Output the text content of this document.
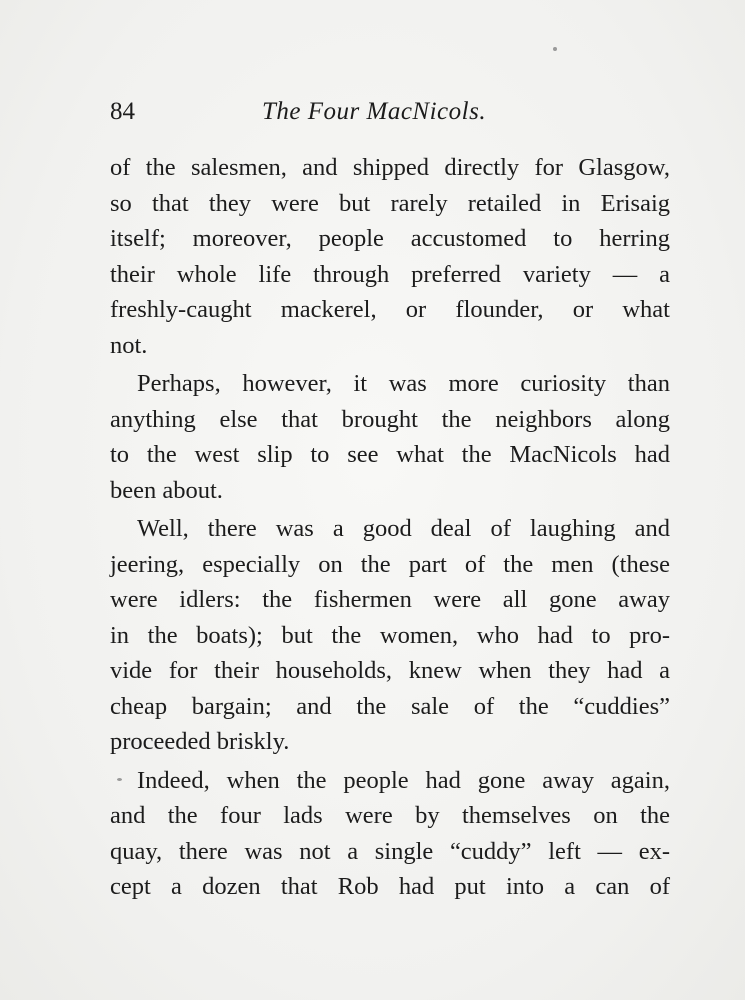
84	The Four MacNicols.
of the salesmen, and shipped directly for Glasgow,
so that they were but rarely retailed in Erisaig
itself; moreover, people accustomed to herring
their whole life through preferred variety — a
freshly-caught mackerel, or flounder, or what
not.
Perhaps, however, it was more curiosity than
anything else that brought the neighbors along
to the west slip to see what the MacNicols had
been about.
Well, there was a good deal of laughing and
jeering, especially on the part of the men (these
were idlers: the fishermen were all gone away
in the boats); but the women, who had to pro-
vide for their households, knew when they had a
cheap bargain; and the sale of the “cuddies”
proceeded briskly.
Indeed, when the people had gone away again,
and the four lads were by themselves on the
quay, there was not a single “cuddy” left — ex-
cept a dozen that Rob had put into a can of
